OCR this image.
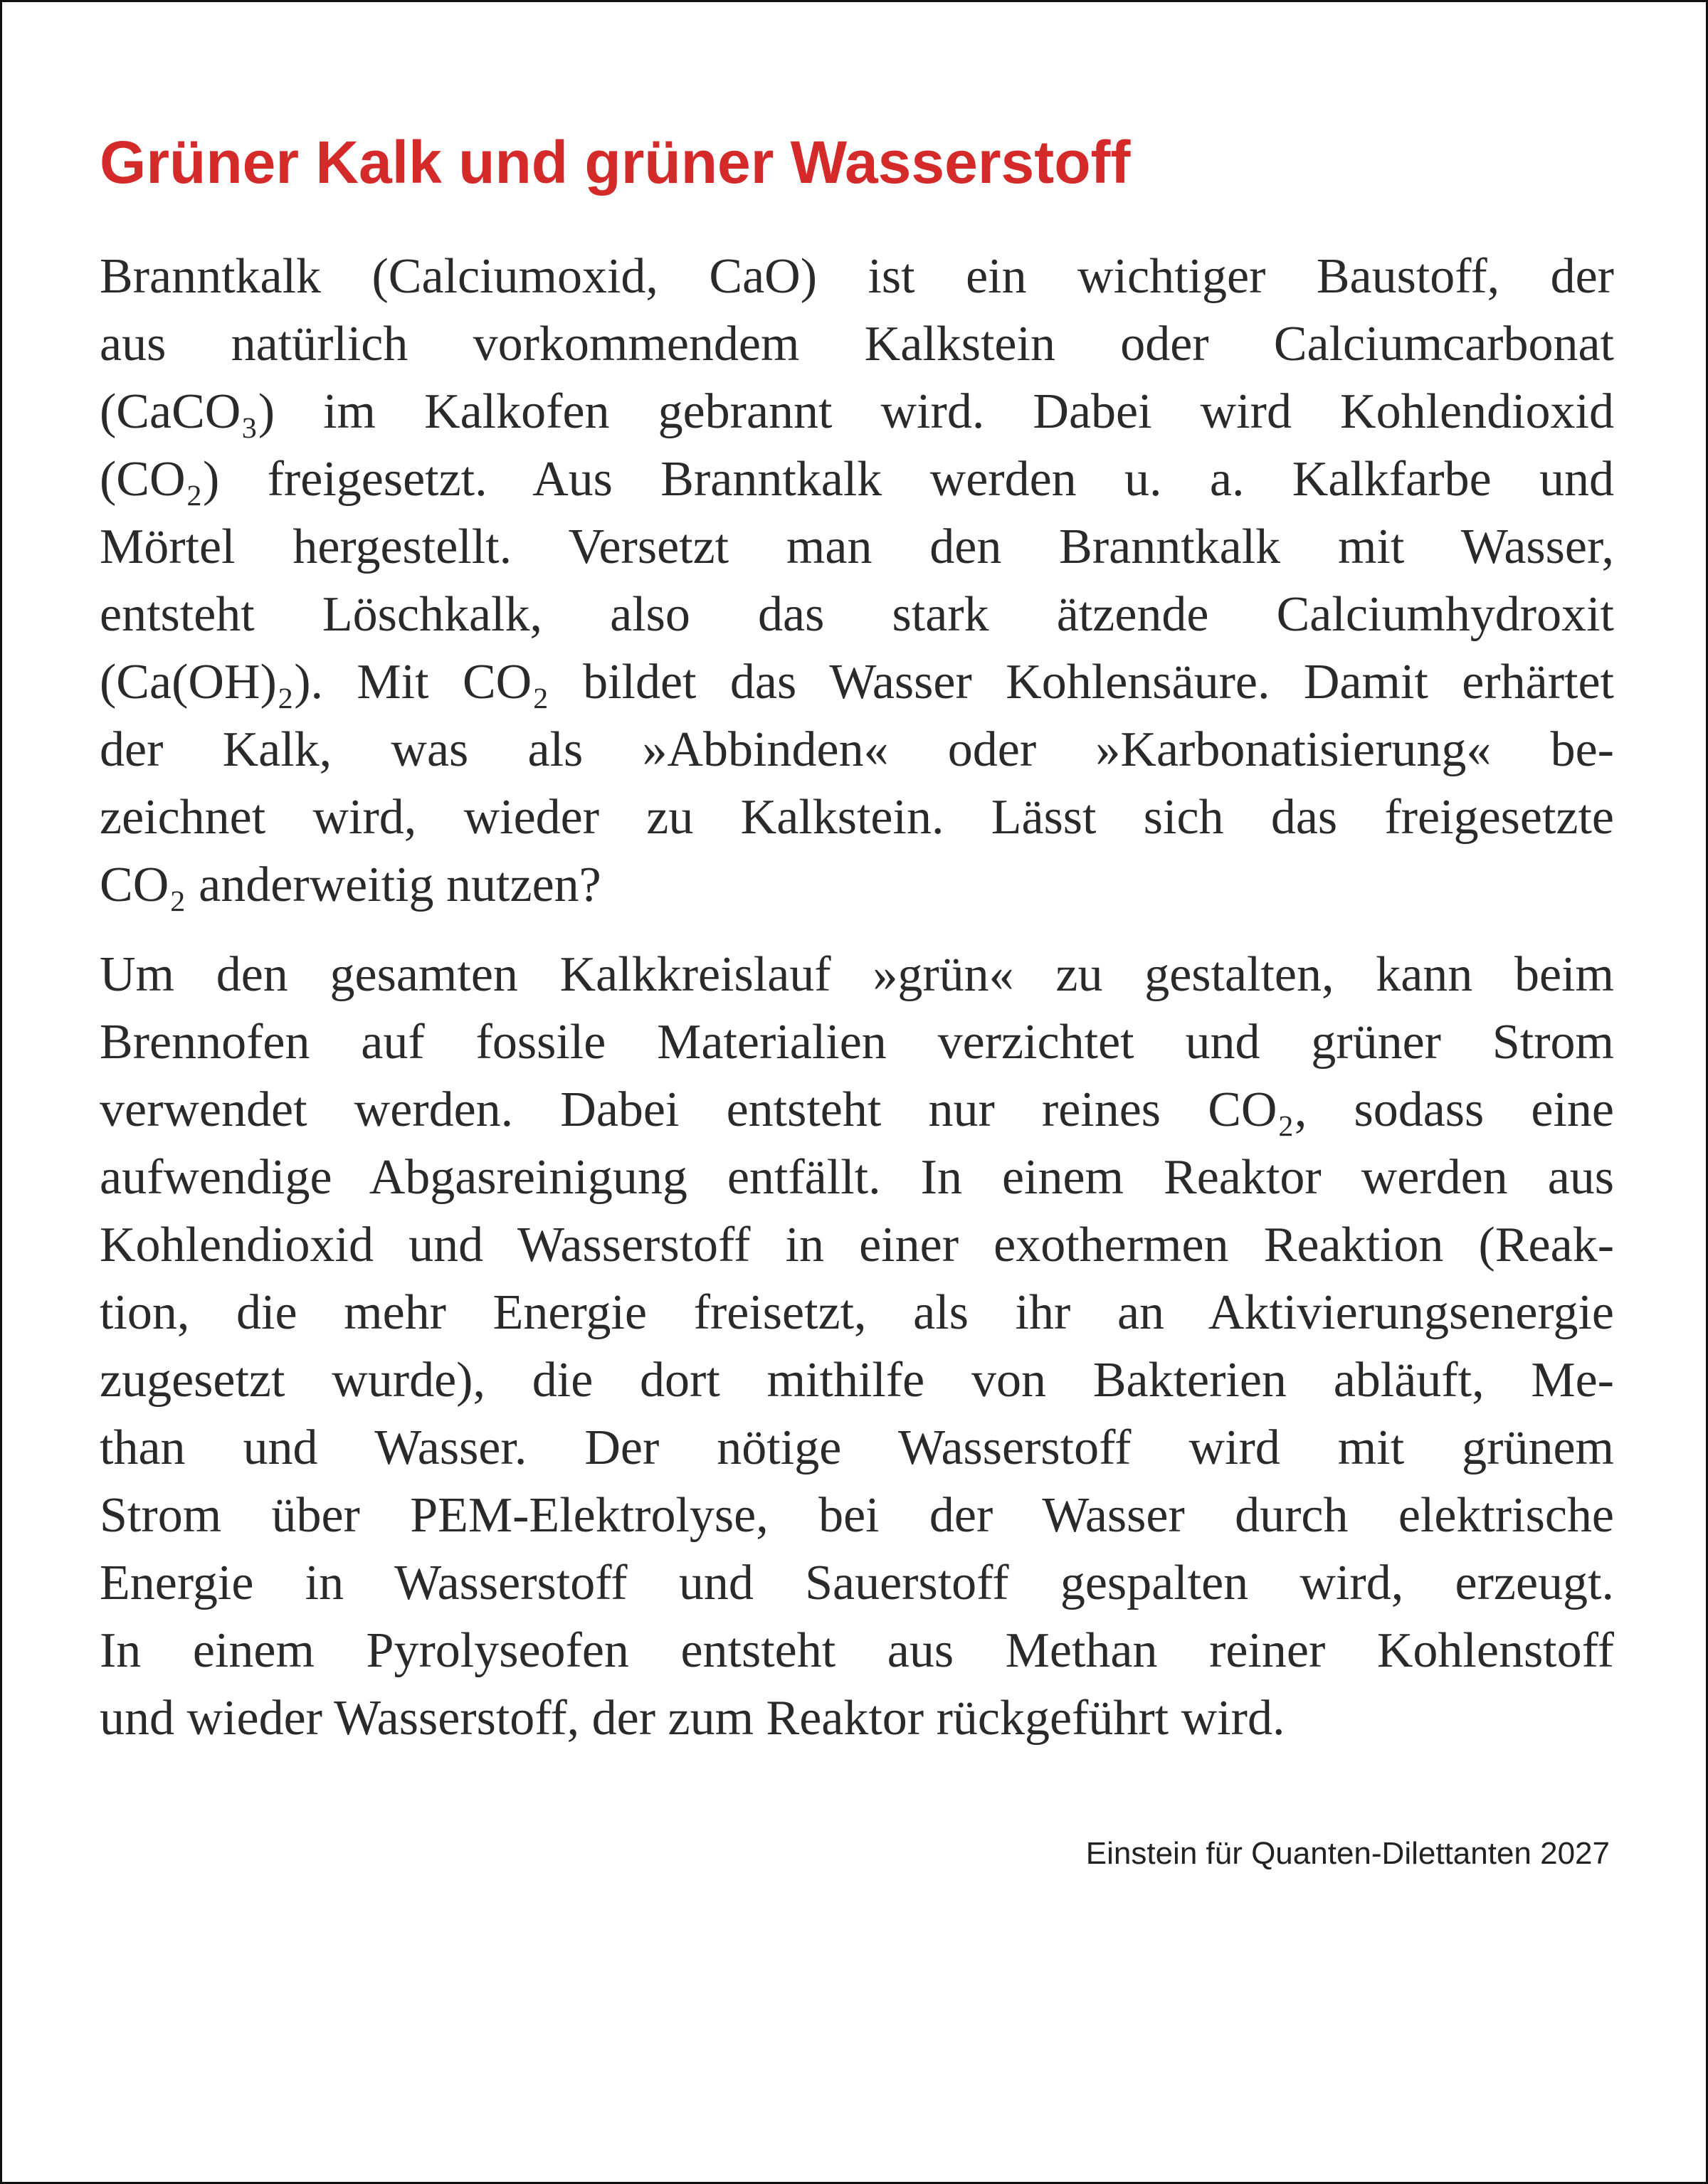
Grüner Kalk und grüner Wasserstoff

Branntkalk (Calciumoxid, CaO) ist ein wichtiger Baustoff, der
aus natürlich vorkommendem Kalkstein oder Calciumcarbonat
(CaCO₃) im Kalkofen gebrannt wird. Dabei wird Kohlendioxid
(CO₂) freigesetzt. Aus Branntkalk werden u. a. Kalkfarbe und
Mörtel hergestellt. Versetzt man den Branntkalk mit Wasser,
entsteht Löschkalk, also das stark ätzende Calciumhydroxit
(Ca(OH)₂). Mit CO₂ bildet das Wasser Kohlensäure. Damit erhärtet
der Kalk, was als »Abbinden« oder »Karbonatisierung« be-
zeichnet wird, wieder zu Kalkstein. Lässt sich das freigesetzte
CO₂ anderweitig nutzen?

Um den gesamten Kalkkreislauf »grün« zu gestalten, kann beim
Brennofen auf fossile Materialien verzichtet und grüner Strom
verwendet werden. Dabei entsteht nur reines CO₂, sodass eine
aufwendige Abgasreinigung entfällt. In einem Reaktor werden aus
Kohlendioxid und Wasserstoff in einer exothermen Reaktion (Reak-
tion, die mehr Energie freisetzt, als ihr an Aktivierungsenergie
zugesetzt wurde), die dort mithilfe von Bakterien abläuft, Me-
than und Wasser. Der nötige Wasserstoff wird mit grünem
Strom über PEM-Elektrolyse, bei der Wasser durch elektrische
Energie in Wasserstoff und Sauerstoff gespalten wird, erzeugt.
In einem Pyrolyseofen entsteht aus Methan reiner Kohlenstoff
und wieder Wasserstoff, der zum Reaktor rückgeführt wird.

Einstein für Quanten-Dilettanten 2027
